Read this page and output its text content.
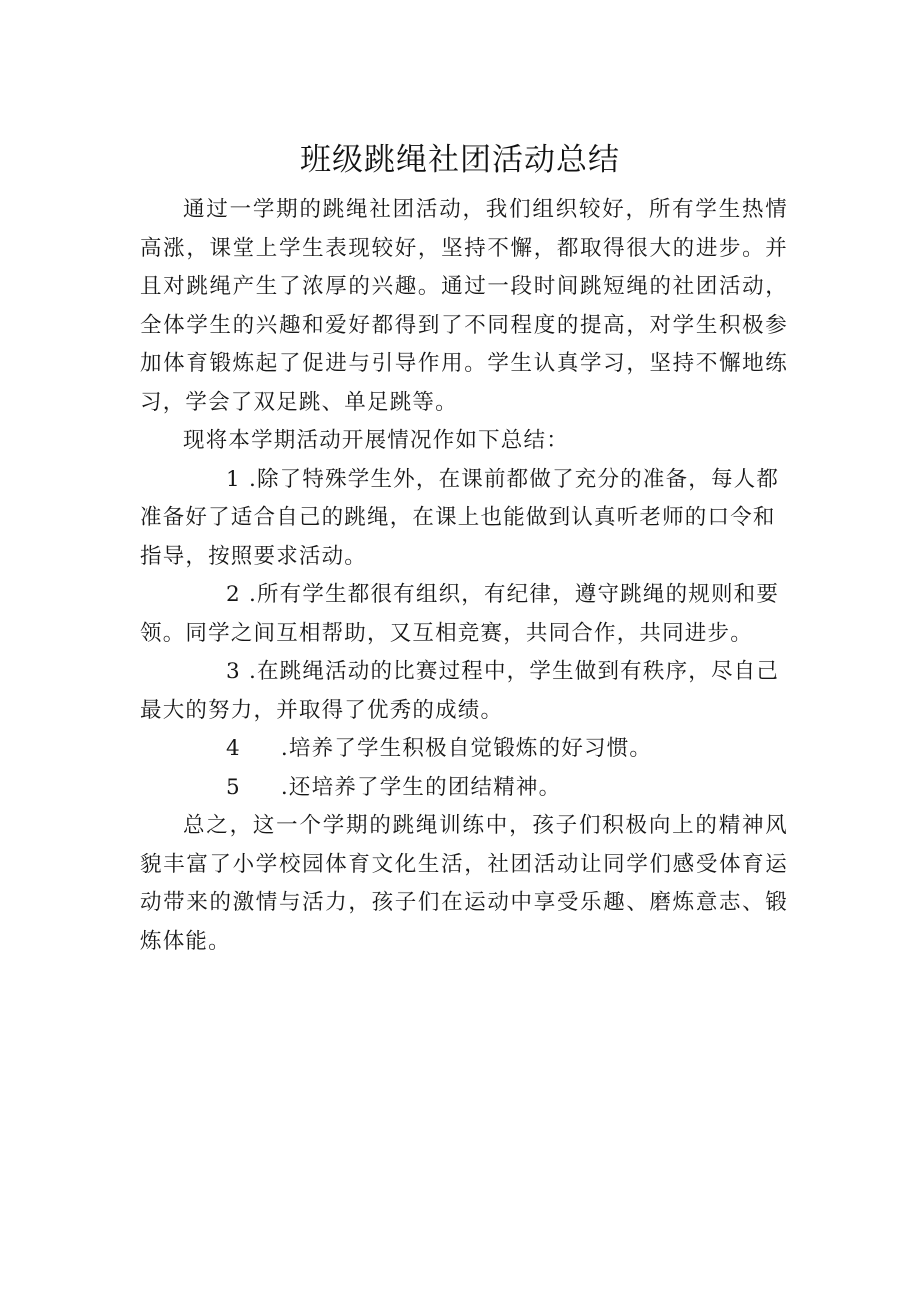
班级跳绳社团活动总结

通过一学期的跳绳社团活动，我们组织较好，所有学生热情高涨，课堂上学生表现较好，坚持不懈，都取得很大的进步。并且对跳绳产生了浓厚的兴趣。通过一段时间跳短绳的社团活动，全体学生的兴趣和爱好都得到了不同程度的提高，对学生积极参加体育锻炼起了促进与引导作用。学生认真学习，坚持不懈地练习，学会了双足跳、单足跳等。

现将本学期活动开展情况作如下总结：

1 .除了特殊学生外，在课前都做了充分的准备，每人都准备好了适合自己的跳绳，在课上也能做到认真听老师的口令和指导，按照要求活动。

2 .所有学生都很有组织，有纪律，遵守跳绳的规则和要领。同学之间互相帮助，又互相竞赛，共同合作，共同进步。

3 .在跳绳活动的比赛过程中，学生做到有秩序，尽自己最大的努力，并取得了优秀的成绩。

4 .培养了学生积极自觉锻炼的好习惯。

5 .还培养了学生的团结精神。

总之，这一个学期的跳绳训练中，孩子们积极向上的精神风貌丰富了小学校园体育文化生活，社团活动让同学们感受体育运动带来的激情与活力，孩子们在运动中享受乐趣、磨炼意志、锻炼体能。
